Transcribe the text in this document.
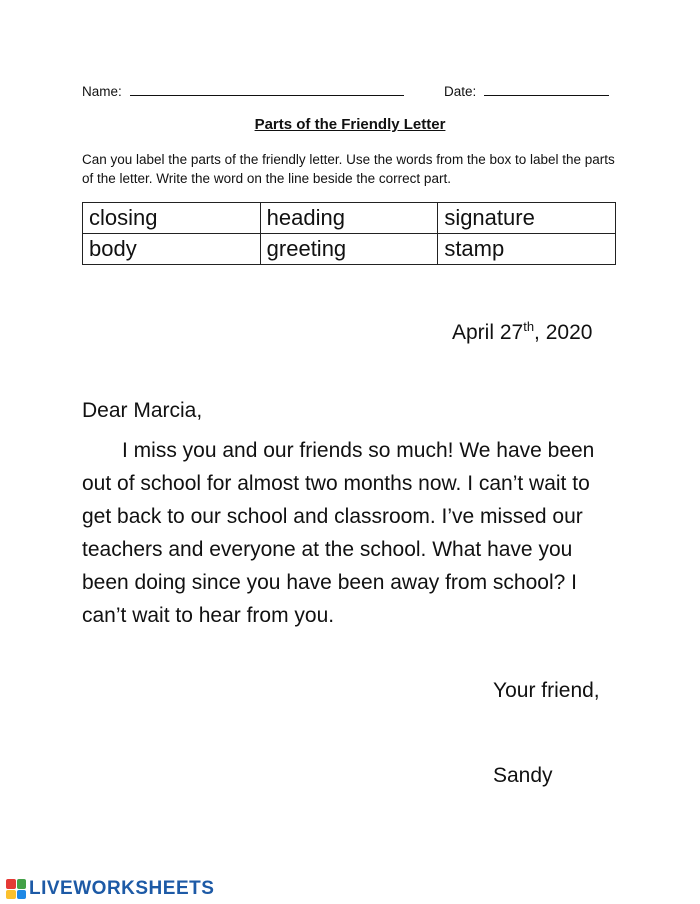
Name:	Date:
Parts of the Friendly Letter
Can you label the parts of the friendly letter. Use the words from the box to label the parts of the letter. Write the word on the line beside the correct part.
closing	heading	signature
body	greeting	stamp
April 27th, 2020
Dear Marcia,

I miss you and our friends so much! We have been out of school for almost two months now. I can’t wait to get back to our school and classroom. I’ve missed our teachers and everyone at the school. What have you been doing since you have been away from school? I can’t wait to hear from you.

Your friend,
Sandy
LIVEWORKSHEETS
